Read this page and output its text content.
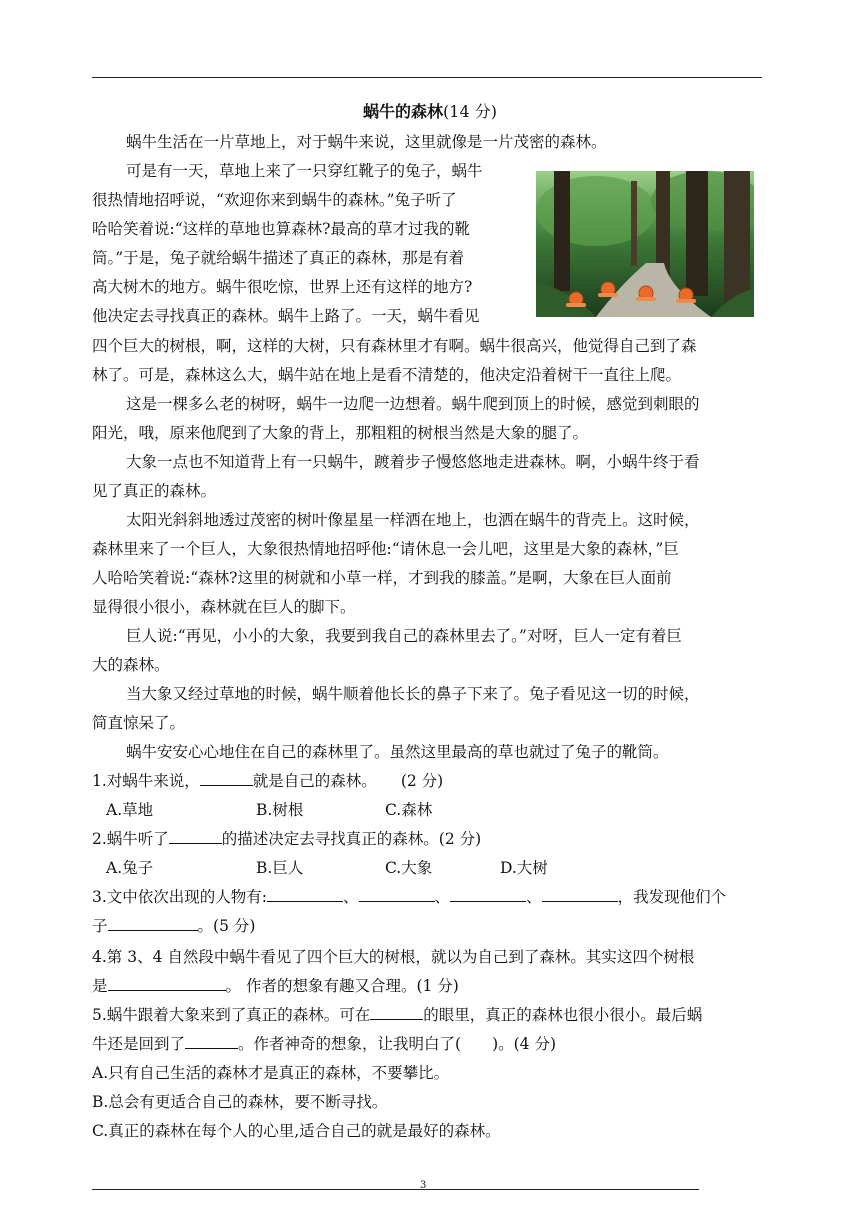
蜗牛的森林(14 分)
蜗牛生活在一片草地上，对于蜗牛来说，这里就像是一片茂密的森林。
可是有一天，草地上来了一只穿红靴子的兔子，蜗牛
很热情地招呼说，“欢迎你来到蜗牛的森林。”兔子听了
哈哈笑着说:“这样的草地也算森林?最高的草才过我的靴
筒。”于是，兔子就给蜗牛描述了真正的森林，那是有着
高大树木的地方。蜗牛很吃惊，世界上还有这样的地方?
他决定去寻找真正的森林。蜗牛上路了。一天，蜗牛看见
四个巨大的树根，啊，这样的大树，只有森林里才有啊。蜗牛很高兴，他觉得自己到了森
林了。可是，森林这么大，蜗牛站在地上是看不清楚的，他决定沿着树干一直往上爬。
这是一棵多么老的树呀，蜗牛一边爬一边想着。蜗牛爬到顶上的时候，感觉到刺眼的
阳光，哦，原来他爬到了大象的背上，那粗粗的树根当然是大象的腿了。
大象一点也不知道背上有一只蜗牛，踱着步子慢悠悠地走进森林。啊，小蜗牛终于看
见了真正的森林。
太阳光斜斜地透过茂密的树叶像星星一样洒在地上，也洒在蜗牛的背壳上。这时候，
森林里来了一个巨人，大象很热情地招呼他:“请休息一会儿吧，这里是大象的森林，”巨
人哈哈笑着说:“森林?这里的树就和小草一样，才到我的膝盖。”是啊，大象在巨人面前
显得很小很小，森林就在巨人的脚下。
巨人说:“再见，小小的大象，我要到我自己的森林里去了。”对呀，巨人一定有着巨
大的森林。
当大象又经过草地的时候，蜗牛顺着他长长的鼻子下来了。兔子看见这一切的时候，
简直惊呆了。
蜗牛安安心心地住在自己的森林里了。虽然这里最高的草也就过了兔子的靴筒。
1.对蜗牛来说，	就是自己的森林。 (2 分)
A.草地	B.树根	C.森林
2.蜗牛听了	的描述决定去寻找真正的森林。(2 分)
A.兔子	B.巨人	C.大象	D.大树
3.文中依次出现的人物有:	、	、	、	，我发现他们个
子	。(5 分)
4.第 3、4 自然段中蜗牛看见了四个巨大的树根，就以为自己到了森林。其实这四个树根
是	。 作者的想象有趣又合理。(1 分)
5.蜗牛跟着大象来到了真正的森林。可在	的眼里，真正的森林也很小很小。最后蜗
牛还是回到了	。作者神奇的想象，让我明白了(　　)。(4 分)
A.只有自己生活的森林才是真正的森林，不要攀比。
B.总会有更适合自己的森林，要不断寻找。
C.真正的森林在每个人的心里,适合自己的就是最好的森林。
3
